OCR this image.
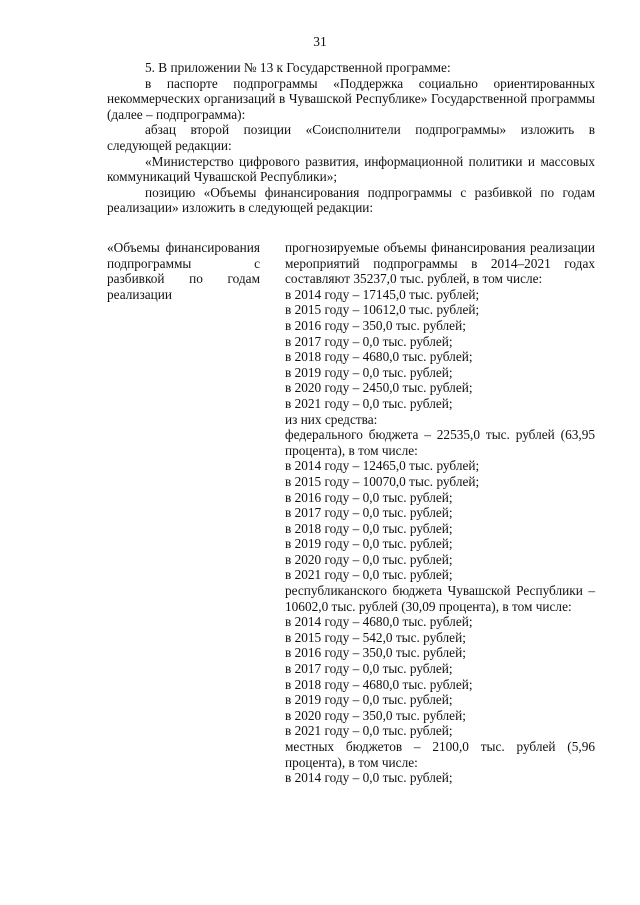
31

5. В приложении № 13 к Государственной программе:

в паспорте подпрограммы «Поддержка социально ориентированных некоммерческих организаций в Чувашской Республике» Государственной программы (далее – подпрограмма):

абзац второй позиции «Соисполнители подпрограммы» изложить в следующей редакции:

«Министерство цифрового развития, информационной политики и массовых коммуникаций Чувашской Республики»;

позицию «Объемы финансирования подпрограммы с разбивкой по годам реализации» изложить в следующей редакции:

«Объемы финансирования подпрограммы с разбивкой по годам реализации
прогнозируемые объемы финансирования реализации мероприятий подпрограммы в 2014–2021 годах составляют 35237,0 тыс. рублей, в том числе:
в 2014 году – 17145,0 тыс. рублей;
в 2015 году – 10612,0 тыс. рублей;
в 2016 году – 350,0 тыс. рублей;
в 2017 году – 0,0 тыс. рублей;
в 2018 году – 4680,0 тыс. рублей;
в 2019 году – 0,0 тыс. рублей;
в 2020 году – 2450,0 тыс. рублей;
в 2021 году – 0,0 тыс. рублей;
из них средства:
федерального бюджета – 22535,0 тыс. рублей (63,95 процента), в том числе:
в 2014 году – 12465,0 тыс. рублей;
в 2015 году – 10070,0 тыс. рублей;
в 2016 году – 0,0 тыс. рублей;
в 2017 году – 0,0 тыс. рублей;
в 2018 году – 0,0 тыс. рублей;
в 2019 году – 0,0 тыс. рублей;
в 2020 году – 0,0 тыс. рублей;
в 2021 году – 0,0 тыс. рублей;
республиканского бюджета Чувашской Республики – 10602,0 тыс. рублей (30,09 процента), в том числе:
в 2014 году – 4680,0 тыс. рублей;
в 2015 году – 542,0 тыс. рублей;
в 2016 году – 350,0 тыс. рублей;
в 2017 году – 0,0 тыс. рублей;
в 2018 году – 4680,0 тыс. рублей;
в 2019 году – 0,0 тыс. рублей;
в 2020 году – 350,0 тыс. рублей;
в 2021 году – 0,0 тыс. рублей;
местных бюджетов – 2100,0 тыс. рублей (5,96 процента), в том числе:
в 2014 году – 0,0 тыс. рублей;
